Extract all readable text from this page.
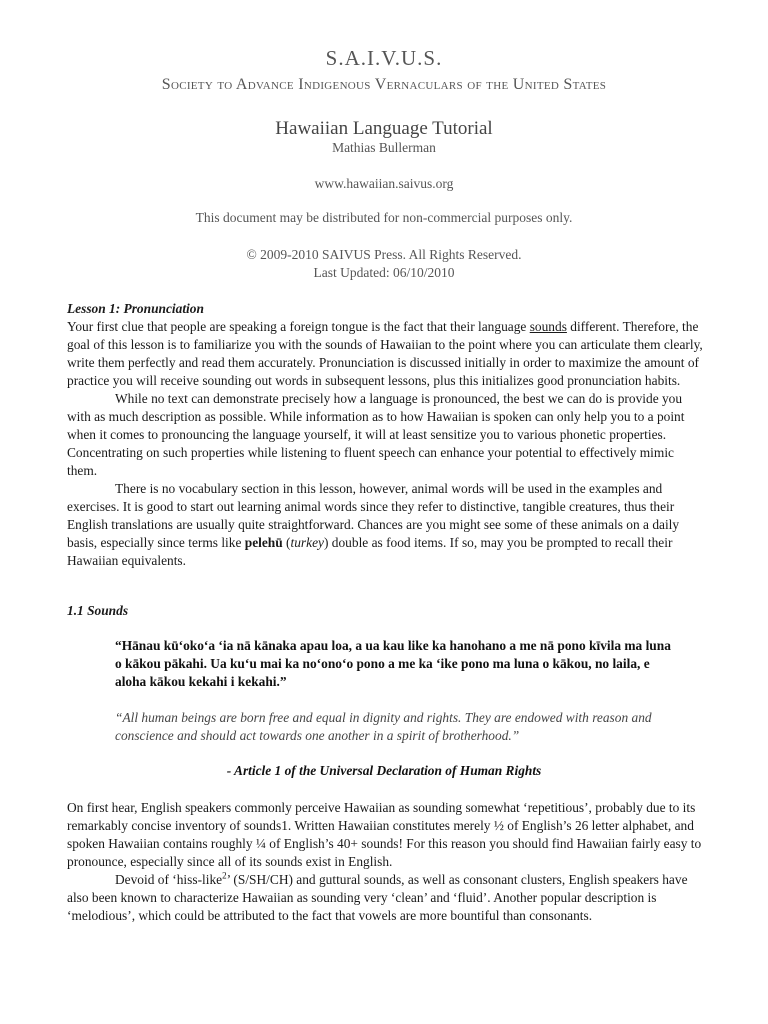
S.A.I.V.U.S.
Society to Advance Indigenous Vernaculars of the United States
Hawaiian Language Tutorial
Mathias Bullerman
www.hawaiian.saivus.org
This document may be distributed for non-commercial purposes only.
© 2009-2010 SAIVUS Press. All Rights Reserved.
Last Updated: 06/10/2010

Lesson 1: Pronunciation

Your first clue that people are speaking a foreign tongue is the fact that their language sounds different. Therefore, the goal of this lesson is to familiarize you with the sounds of Hawaiian to the point where you can articulate them clearly, write them perfectly and read them accurately. Pronunciation is discussed initially in order to maximize the amount of practice you will receive sounding out words in subsequent lessons, plus this initializes good pronunciation habits.

While no text can demonstrate precisely how a language is pronounced, the best we can do is provide you with as much description as possible. While information as to how Hawaiian is spoken can only help you to a point when it comes to pronouncing the language yourself, it will at least sensitize you to various phonetic properties. Concentrating on such properties while listening to fluent speech can enhance your potential to effectively mimic them.

There is no vocabulary section in this lesson, however, animal words will be used in the examples and exercises. It is good to start out learning animal words since they refer to distinctive, tangible creatures, thus their English translations are usually quite straightforward. Chances are you might see some of these animals on a daily basis, especially since terms like pelehū (turkey) double as food items. If so, may you be prompted to recall their Hawaiian equivalents.

1.1 Sounds

“Hānau kū‘oko‘a ‘ia nā kānaka apau loa, a ua kau like ka hanohano a me nā pono kīvila ma luna o kākou pākahi. Ua ku‘u mai ka no‘ono‘o pono a me ka ‘ike pono ma luna o kākou, no laila, e aloha kākou kekahi i kekahi.”
“All human beings are born free and equal in dignity and rights. They are endowed with reason and conscience and should act towards one another in a spirit of brotherhood.”
- Article 1 of the Universal Declaration of Human Rights

On first hear, English speakers commonly perceive Hawaiian as sounding somewhat ‘repetitious’, probably due to its remarkably concise inventory of sounds1. Written Hawaiian constitutes merely ½ of English’s 26 letter alphabet, and spoken Hawaiian contains roughly ¼ of English’s 40+ sounds! For this reason you should find Hawaiian fairly easy to pronounce, especially since all of its sounds exist in English.

Devoid of ‘hiss-like$^2$’ (S/SH/CH) and guttural sounds, as well as consonant clusters, English speakers have also been known to characterize Hawaiian as sounding very ‘clean’ and ‘fluid’. Another popular description is ‘melodious’, which could be attributed to the fact that vowels are more bountiful than consonants.
